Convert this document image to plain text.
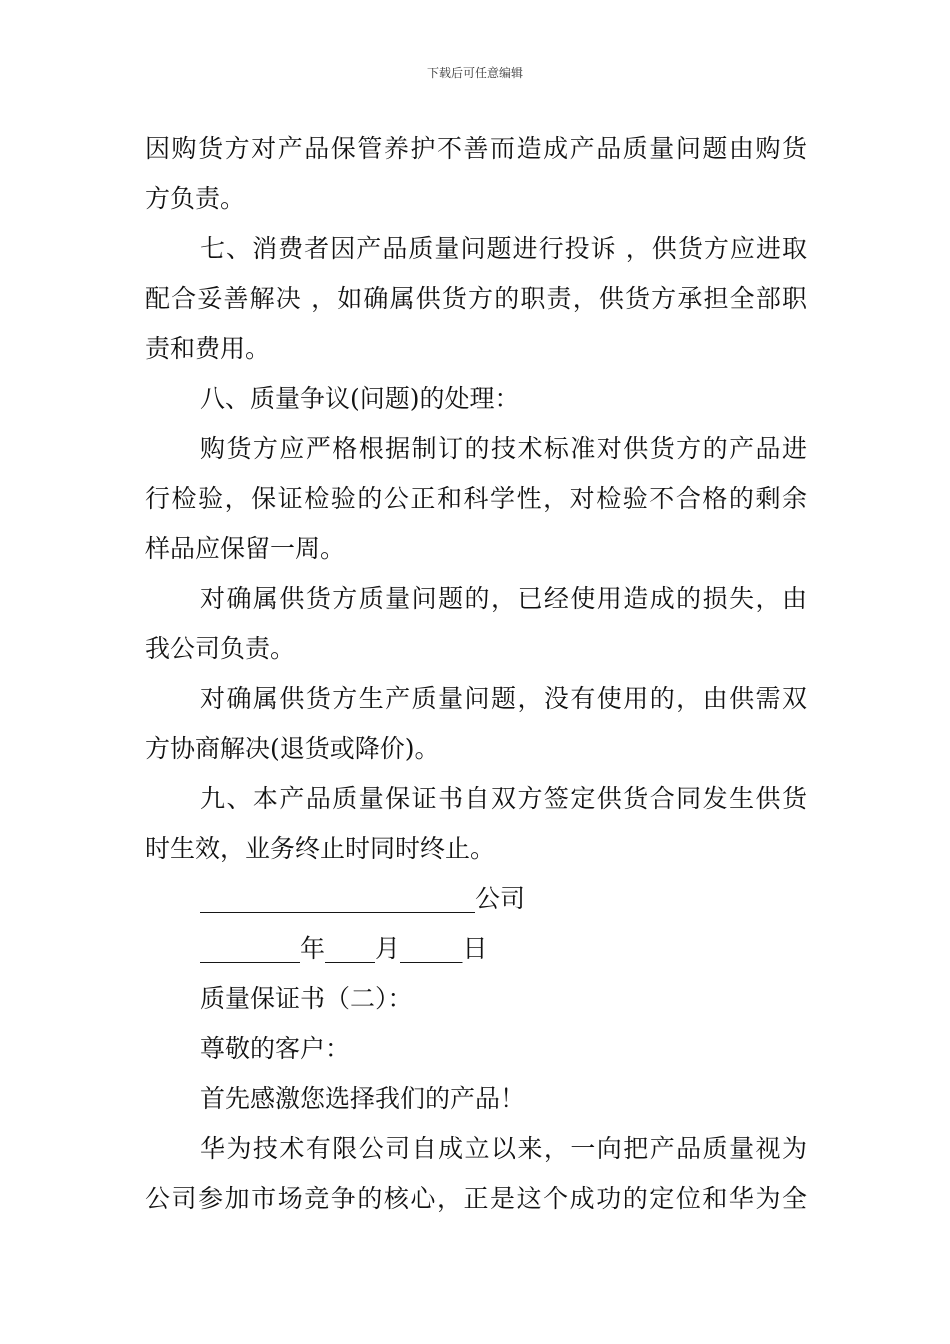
下载后可任意编辑
因购货方对产品保管养护不善而造成产品质量问题由购货
方负责。
七、消费者因产品质量问题进行投诉 ，供货方应进取
配合妥善解决 ，如确属供货方的职责，供货方承担全部职
责和费用。
八、质量争议(问题)的处理：
购货方应严格根据制订的技术标准对供货方的产品进
行检验，保证检验的公正和科学性，对检验不合格的剩余
样品应保留一周。
对确属供货方质量问题的，已经使用造成的损失，由
我公司负责。
对确属供货方生产质量问题，没有使用的，由供需双
方协商解决(退货或降价)。
九、本产品质量保证书自双方签定供货合同发生供货
时生效，业务终止时同时终止。
______________________公司
________年____月_____日
质量保证书（二）：
尊敬的客户：
首先感激您选择我们的产品！
华为技术有限公司自成立以来，一向把产品质量视为
公司参加市场竞争的核心，正是这个成功的定位和华为全
